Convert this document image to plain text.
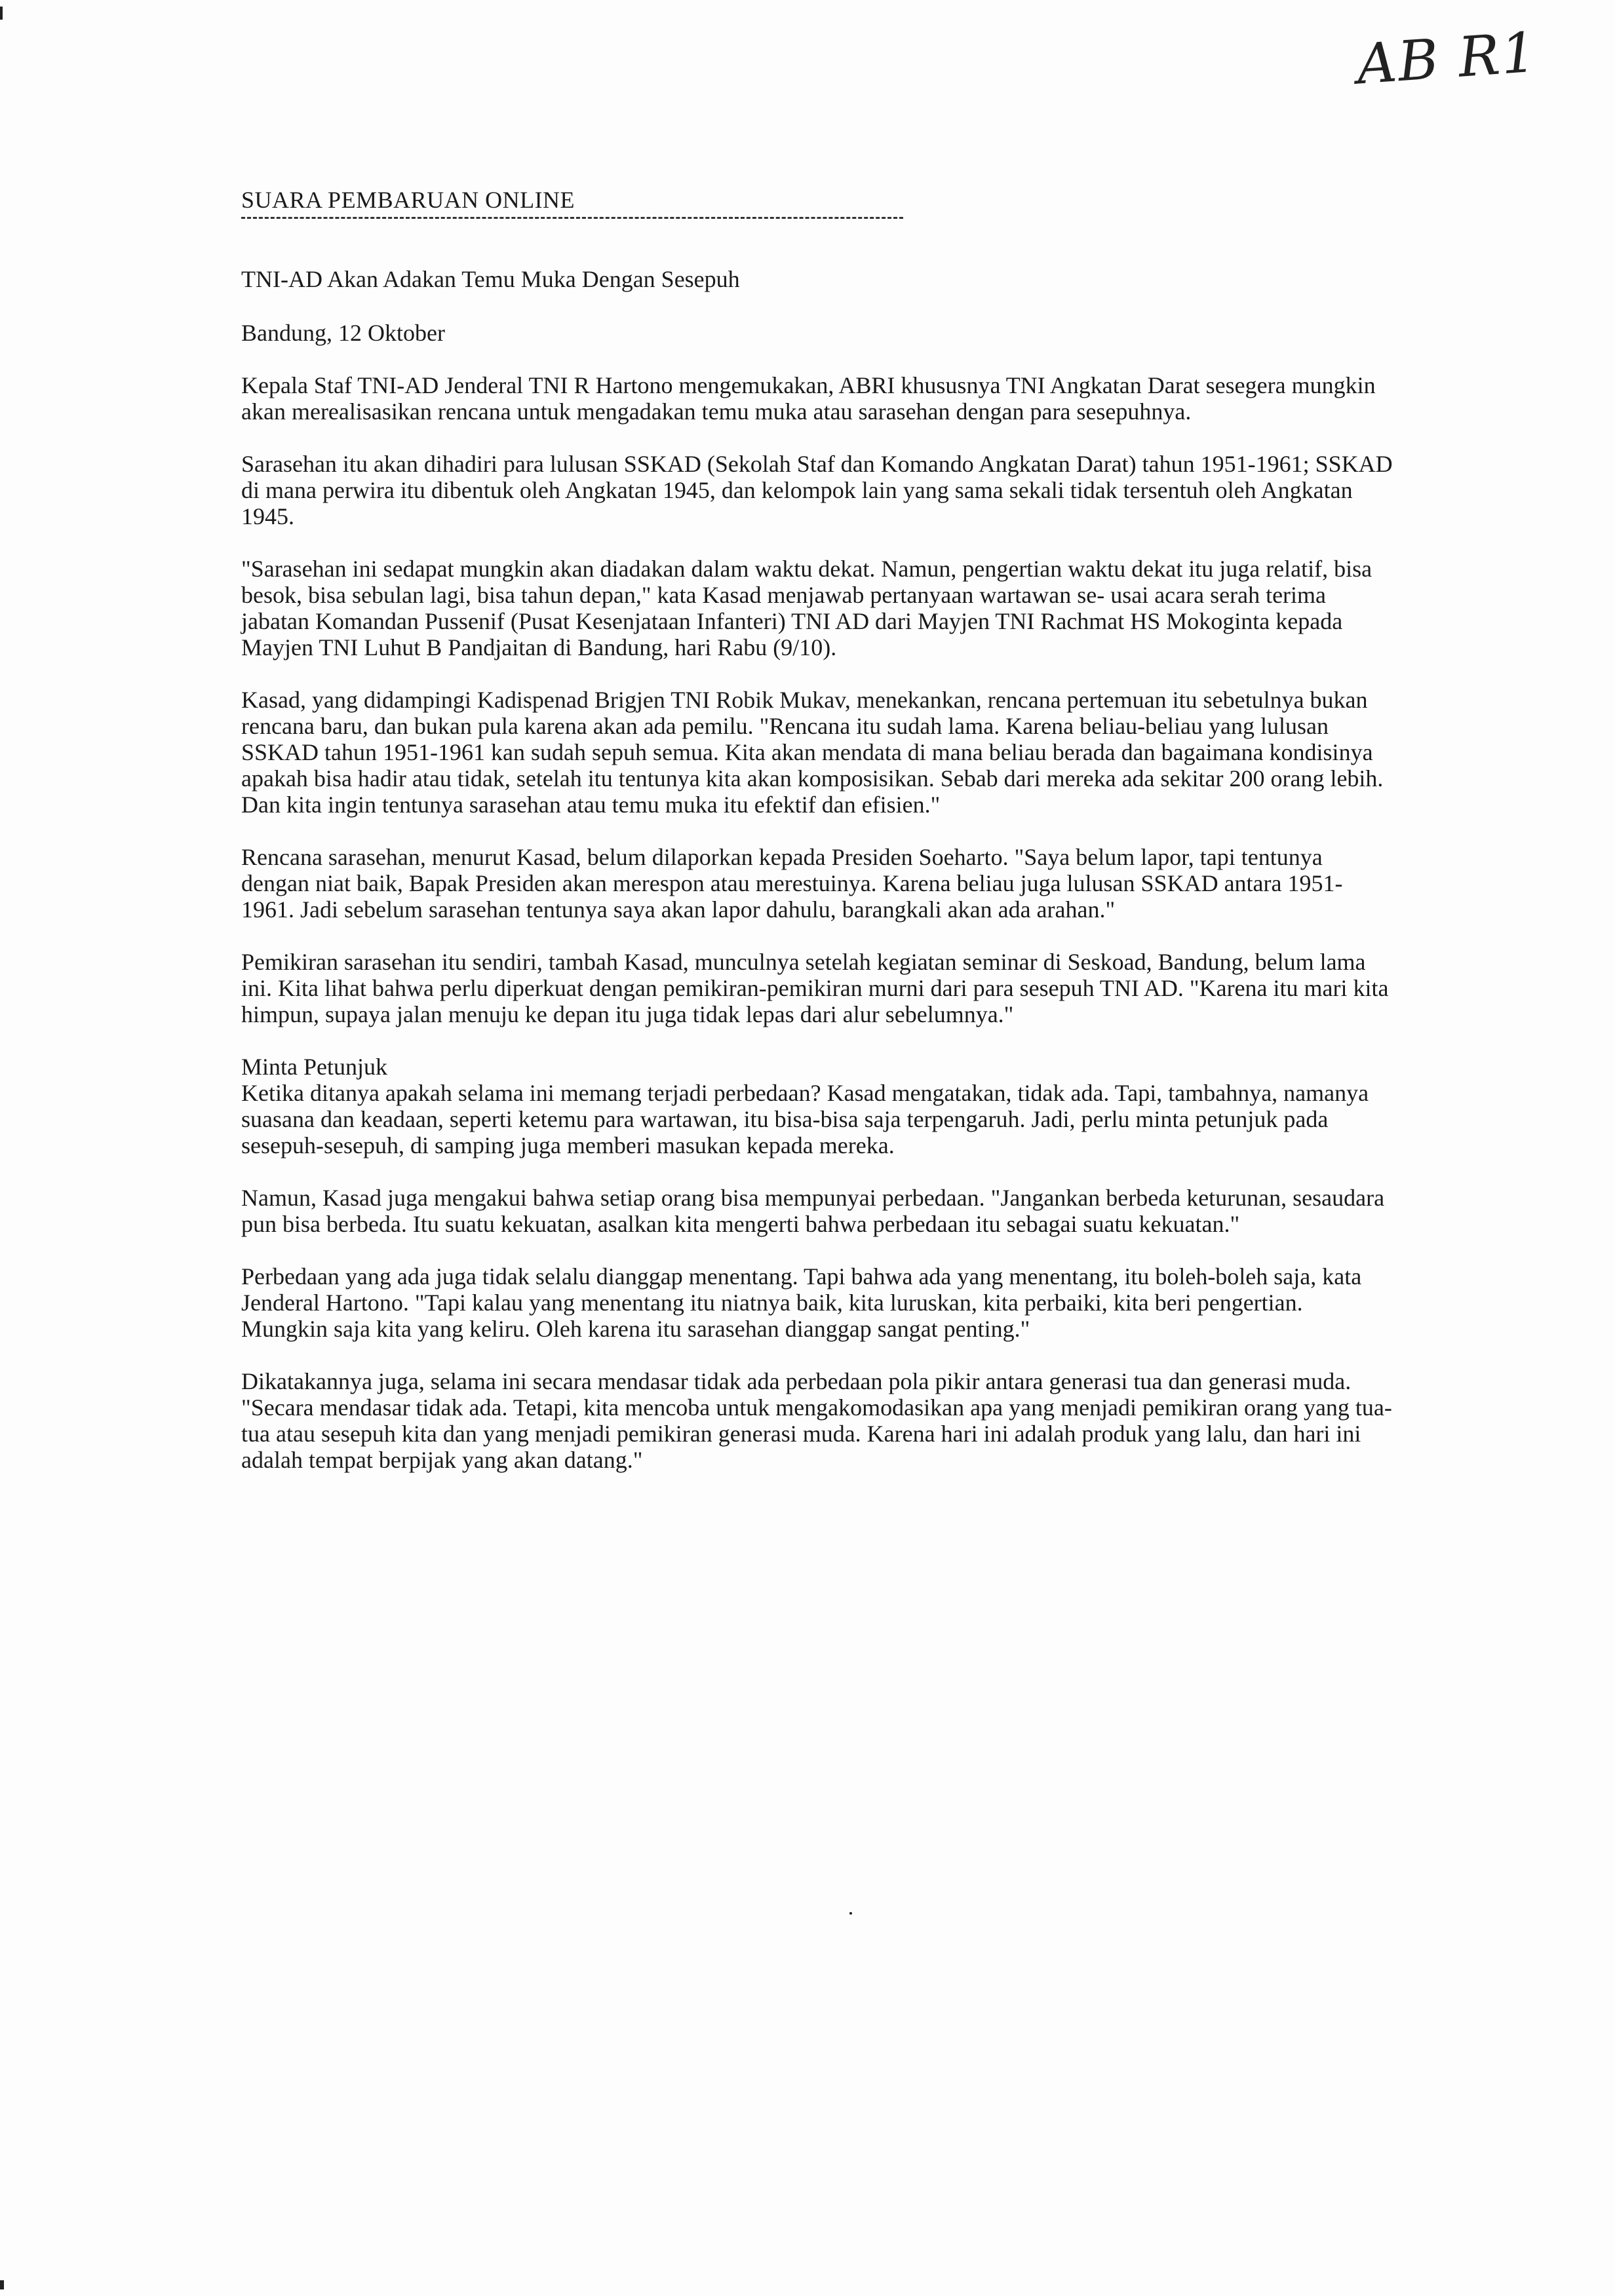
AB R1
SUARA PEMBARUAN ONLINE
TNI-AD Akan Adakan Temu Muka Dengan Sesepuh

Bandung, 12 Oktober

Kepala Staf TNI-AD Jenderal TNI R Hartono mengemukakan, ABRI khususnya TNI Angkatan Darat sesegera mungkin akan merealisasikan rencana untuk mengadakan temu muka atau sarasehan dengan para sesepuhnya.

Sarasehan itu akan dihadiri para lulusan SSKAD (Sekolah Staf dan Komando Angkatan Darat) tahun 1951-1961; SSKAD di mana perwira itu dibentuk oleh Angkatan 1945, dan kelompok lain yang sama sekali tidak tersentuh oleh Angkatan 1945.

"Sarasehan ini sedapat mungkin akan diadakan dalam waktu dekat. Namun, pengertian waktu dekat itu juga relatif, bisa besok, bisa sebulan lagi, bisa tahun depan," kata Kasad menjawab pertanyaan wartawan se- usai acara serah terima jabatan Komandan Pussenif (Pusat Kesenjataan Infanteri) TNI AD dari Mayjen TNI Rachmat HS Mokoginta kepada Mayjen TNI Luhut B Pandjaitan di Bandung, hari Rabu (9/10).

Kasad, yang didampingi Kadispenad Brigjen TNI Robik Mukav, menekankan, rencana pertemuan itu sebetulnya bukan rencana baru, dan bukan pula karena akan ada pemilu. "Rencana itu sudah lama. Karena beliau-beliau yang lulusan SSKAD tahun 1951-1961 kan sudah sepuh semua. Kita akan mendata di mana beliau berada dan bagaimana kondisinya apakah bisa hadir atau tidak, setelah itu tentunya kita akan komposisikan. Sebab dari mereka ada sekitar 200 orang lebih. Dan kita ingin tentunya sarasehan atau temu muka itu efektif dan efisien."

Rencana sarasehan, menurut Kasad, belum dilaporkan kepada Presiden Soeharto. "Saya belum lapor, tapi tentunya dengan niat baik, Bapak Presiden akan merespon atau merestuinya. Karena beliau juga lulusan SSKAD antara 1951-1961. Jadi sebelum sarasehan tentunya saya akan lapor dahulu, barangkali akan ada arahan."

Pemikiran sarasehan itu sendiri, tambah Kasad, munculnya setelah kegiatan seminar di Seskoad, Bandung, belum lama ini. Kita lihat bahwa perlu diperkuat dengan pemikiran-pemikiran murni dari para sesepuh TNI AD. "Karena itu mari kita himpun, supaya jalan menuju ke depan itu juga tidak lepas dari alur sebelumnya."

Minta Petunjuk

Ketika ditanya apakah selama ini memang terjadi perbedaan? Kasad mengatakan, tidak ada. Tapi, tambahnya, namanya suasana dan keadaan, seperti ketemu para wartawan, itu bisa-bisa saja terpengaruh. Jadi, perlu minta petunjuk pada sesepuh-sesepuh, di samping juga memberi masukan kepada mereka.

Namun, Kasad juga mengakui bahwa setiap orang bisa mempunyai perbedaan. "Jangankan berbeda keturunan, sesaudara pun bisa berbeda. Itu suatu kekuatan, asalkan kita mengerti bahwa perbedaan itu sebagai suatu kekuatan."

Perbedaan yang ada juga tidak selalu dianggap menentang. Tapi bahwa ada yang menentang, itu boleh-boleh saja, kata Jenderal Hartono. "Tapi kalau yang menentang itu niatnya baik, kita luruskan, kita perbaiki, kita beri pengertian. Mungkin saja kita yang keliru. Oleh karena itu sarasehan dianggap sangat penting."

Dikatakannya juga, selama ini secara mendasar tidak ada perbedaan pola pikir antara generasi tua dan generasi muda. "Secara mendasar tidak ada. Tetapi, kita mencoba untuk mengakomodasikan apa yang menjadi pemikiran orang yang tua-tua atau sesepuh kita dan yang menjadi pemikiran generasi muda. Karena hari ini adalah produk yang lalu, dan hari ini adalah tempat berpijak yang akan datang."
